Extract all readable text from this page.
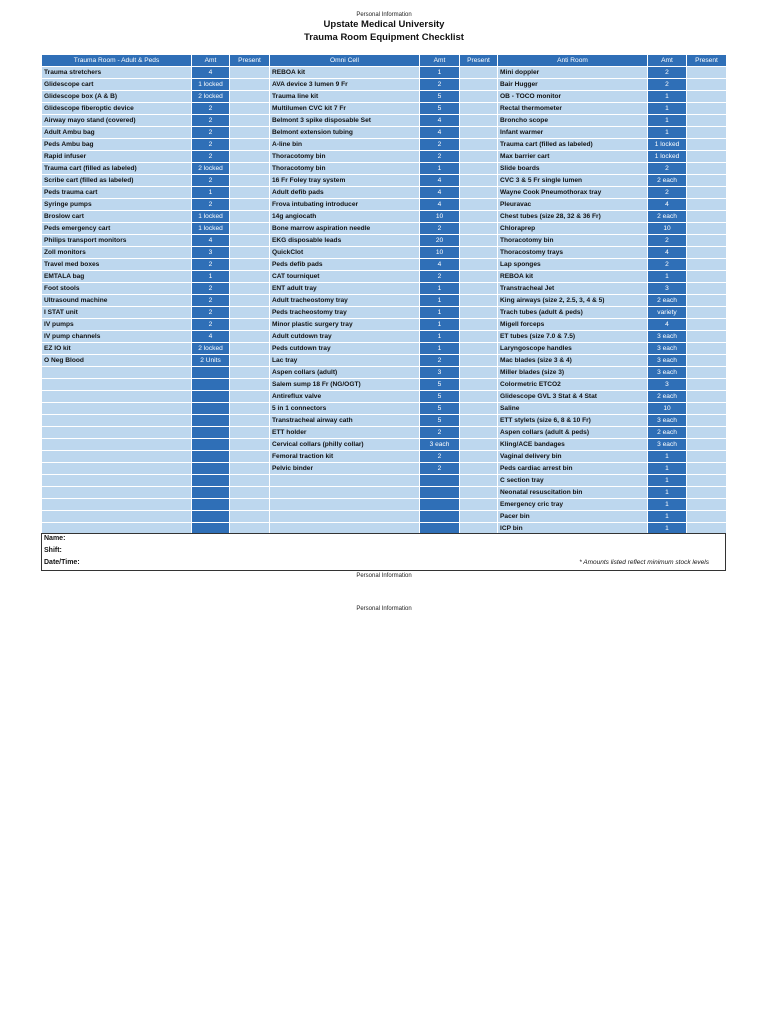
Personal Information
Upstate Medical University
Trauma Room Equipment Checklist
Trauma Room - Adult & Peds	Amt	Present	Omni Cell	Amt	Present	Anti Room	Amt	Present
Trauma stretchers	4		REBOA kit	1		Mini doppler	2	
Glidescope cart	1 locked		AVA device 3 lumen 9 Fr	2		Bair Hugger	2	
Glidescope box (A & B)	2 locked		Trauma line kit	5		OB - TOCO monitor	1	
Glidescope fiberoptic device	2		Multilumen CVC kit 7 Fr	5		Rectal thermometer	1	
Airway mayo stand (covered)	2		Belmont 3 spike disposable Set	4		Broncho scope	1	
Adult Ambu bag	2		Belmont extension tubing	4		Infant warmer	1	
Peds Ambu bag	2		A-line bin	2		Trauma cart (filled as labeled)	1 locked	
Rapid infuser	2		Thoracotomy bin	2		Max barrier cart	1 locked	
Trauma cart (filled as labeled)	2 locked		Thoracotomy bin	1		Slide boards	2	
Scribe cart (filled as labeled)	2		16 Fr Foley tray system	4		CVC 3 & 5 Fr single lumen	2 each	
Peds trauma cart	1		Adult defib pads	4		Wayne Cook Pneumothorax tray	2	
Syringe pumps	2		Frova intubating introducer	4		Pleuravac	4	
Broslow cart	1 locked		14g angiocath	10		Chest tubes (size 28, 32 & 36 Fr)	2 each	
Peds emergency cart	1 locked		Bone marrow aspiration needle	2		Chloraprep	10	
Philips transport monitors	4		EKG disposable leads	20		Thoracotomy bin	2	
Zoll monitors	3		QuickClot	10		Thoracostomy trays	4	
Travel med boxes	2		Peds defib pads	4		Lap sponges	2	
EMTALA bag	1		CAT tourniquet	2		REBOA kit	1	
Foot stools	2		ENT adult tray	1		Transtracheal Jet	3	
Ultrasound machine	2		Adult tracheostomy tray	1		King airways (size 2, 2.5, 3, 4 & 5)	2 each	
I STAT unit	2		Peds tracheostomy tray	1		Trach tubes (adult & peds)	variety	
IV pumps	2		Minor plastic surgery tray	1		Migell forceps	4	
IV pump channels	4		Adult cutdown tray	1		ET tubes (size 7.0 & 7.5)	3 each	
EZ IO kit	2 locked		Peds cutdown tray	1		Laryngoscope handles	3 each	
O Neg Blood	2 Units		Lac tray	2		Mac blades (size 3 & 4)	3 each	
			Aspen collars (adult)	3		Miller blades (size 3)	3 each	
			Salem sump 18 Fr (NG/OGT)	5		Colormetric ETCO2	3	
			Antireflux valve	5		Glidescope GVL 3 Stat & 4 Stat	2 each	
			5 in 1 connectors	5		Saline	10	
			Transtracheal airway cath	5		ETT stylets (size 6, 8 & 10 Fr)	3 each	
			ETT holder	2		Aspen collars (adult & peds)	2 each	
			Cervical collars (philly collar)	3 each		Kling/ACE bandages	3 each	
			Femoral traction kit	2		Vaginal delivery bin	1	
			Pelvic binder	2		Peds cardiac arrest bin	1	
						C section tray	1	
						Neonatal resuscitation bin	1	
						Emergency cric tray	1	
						Pacer bin	1	
						ICP bin	1	
Name:
Shift:
Date/Time:	* Amounts listed reflect minimum stock levels
Personal Information
Personal Information
